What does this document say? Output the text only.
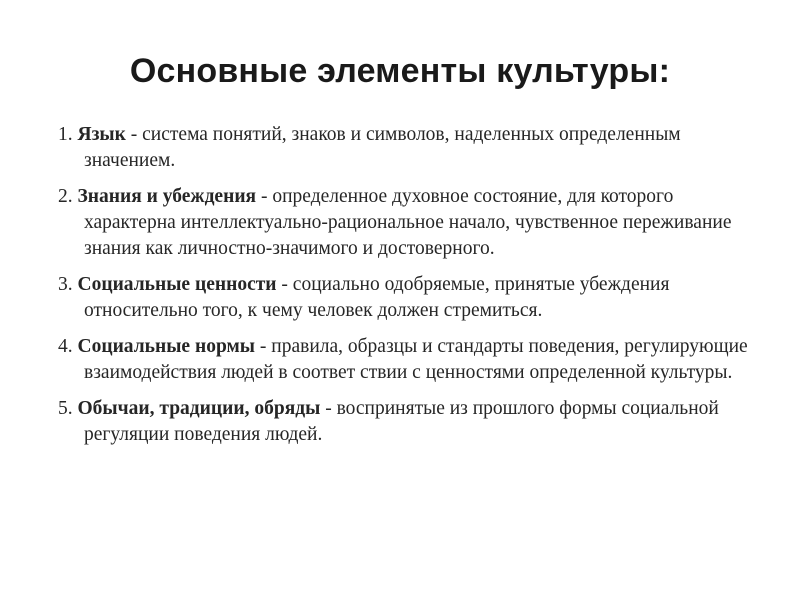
Основные элементы культуры:
1. Язык - система понятий, знаков и символов, наделенных определенным значением.
2. Знания и убеждения - определенное духовное состояние, для которого характерна интеллектуально-рациональное начало, чувственное переживание знания как личностно-значимого и достоверного.
3. Социальные ценности - социально одобряемые, принятые убеждения относительно того, к чему человек должен стремиться.
4. Социальные нормы - правила, образцы и стандарты поведения, регулирующие взаимодействия людей в соответ ствии с ценностями определенной культуры.
5. Обычаи, традиции, обряды - воспринятые из прошлого формы социальной регуляции поведения людей.
